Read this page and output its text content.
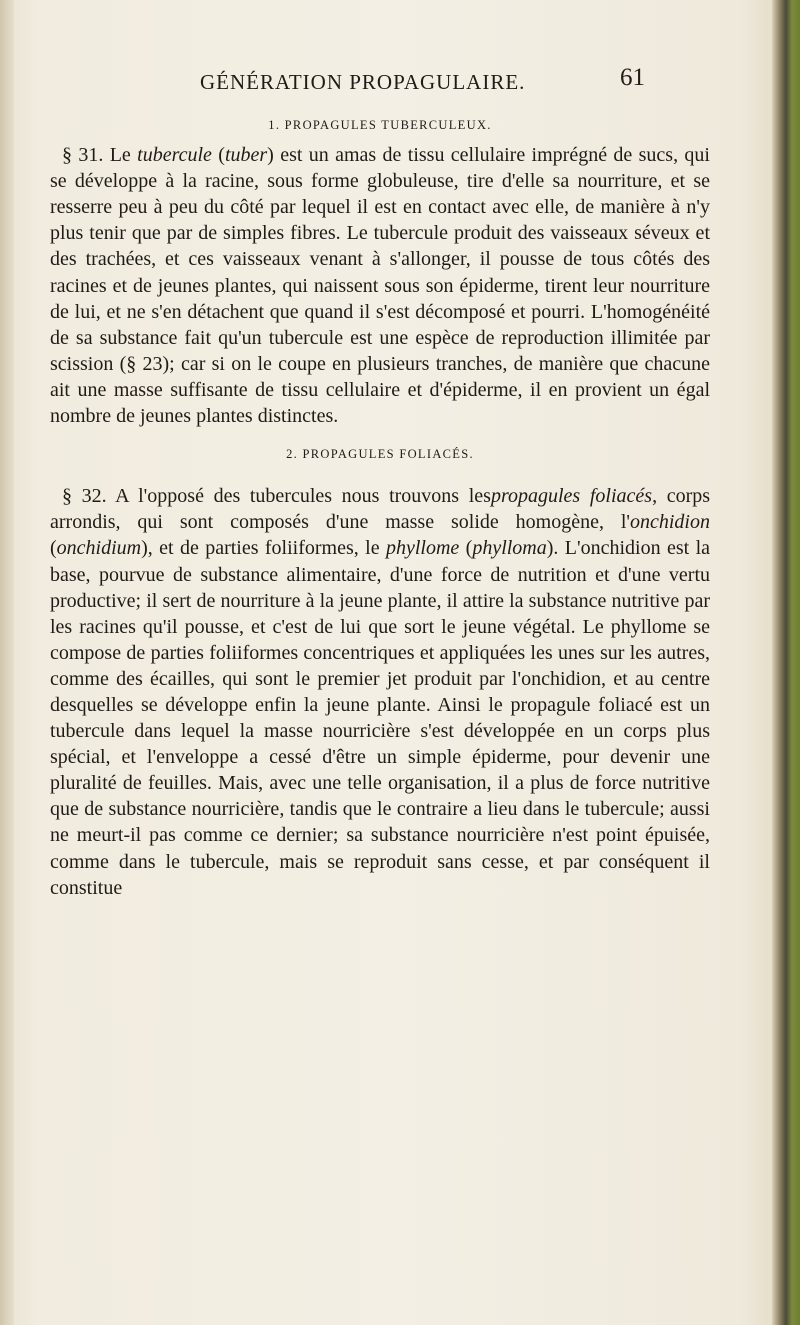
GÉNÉRATION PROPAGULAIRE.	61

1. PROPAGULES TUBERCULEUX.

§ 31. Le tubercule (tuber) est un amas de tissu cellulaire imprégné de sucs, qui se développe à la racine, sous forme globuleuse, tire d'elle sa nourriture, et se resserre peu à peu du côté par lequel il est en contact avec elle, de manière à n'y plus tenir que par de simples fibres. Le tubercule produit des vaisseaux séveux et des trachées, et ces vaisseaux venant à s'allonger, il pousse de tous côtés des racines et de jeunes plantes, qui naissent sous son épiderme, tirent leur nourriture de lui, et ne s'en détachent que quand il s'est décomposé et pourri. L'homogénéité de sa substance fait qu'un tubercule est une espèce de reproduction illimitée par scission (§ 23); car si on le coupe en plusieurs tranches, de manière que chacune ait une masse suffisante de tissu cellulaire et d'épiderme, il en provient un égal nombre de jeunes plantes distinctes.

2. PROPAGULES FOLIACÉS.

§ 32. A l'opposé des tubercules nous trouvons lespropagules foliacés, corps arrondis, qui sont composés d'une masse solide homogène, l'onchidion (onchidium), et de parties foliiformes, le phyllome (phylloma). L'onchidion est la base, pourvue de substance alimentaire, d'une force de nutrition et d'une vertu productive; il sert de nourriture à la jeune plante, il attire la substance nutritive par les racines qu'il pousse, et c'est de lui que sort le jeune végétal. Le phyllome se compose de parties foliiformes concentriques et appliquées les unes sur les autres, comme des écailles, qui sont le premier jet produit par l'onchidion, et au centre desquelles se développe enfin la jeune plante. Ainsi le propagule foliacé est un tubercule dans lequel la masse nourricière s'est développée en un corps plus spécial, et l'enveloppe a cessé d'être un simple épiderme, pour devenir une pluralité de feuilles. Mais, avec une telle organisation, il a plus de force nutritive que de substance nourricière, tandis que le contraire a lieu dans le tubercule; aussi ne meurt-il pas comme ce dernier; sa substance nourricière n'est point épuisée, comme dans le tubercule, mais se reproduit sans cesse, et par conséquent il constitue
